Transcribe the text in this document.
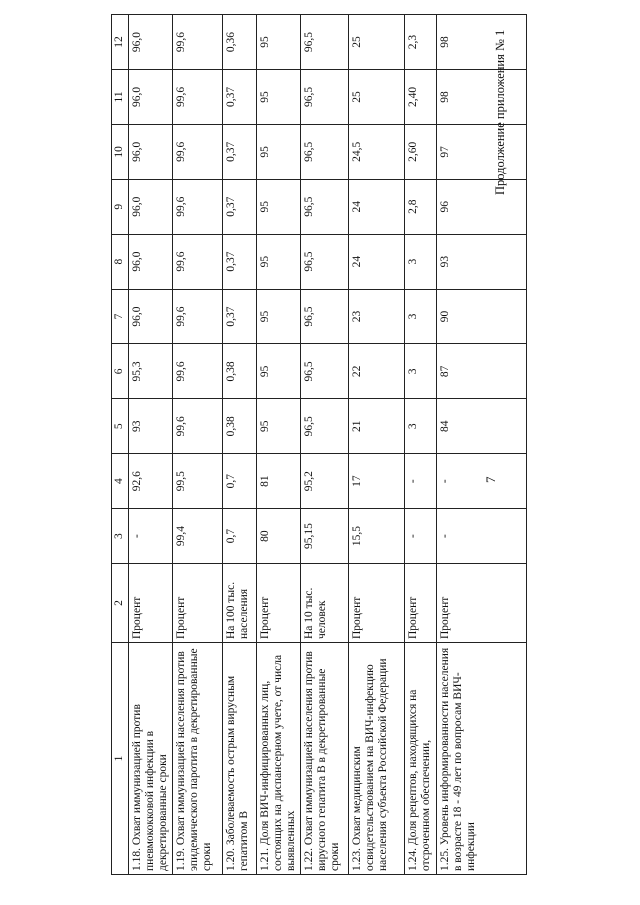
1	2	3	4	5	6	7	8	9	10	11	12
1.18. Охват иммунизацией против пневмококковой инфекции в декретированные сроки	Процент	-	92,6	93	95,3	96,0	96,0	96,0	96,0	96,0	96,0
1.19. Охват иммунизацией населения против эпидемического паротита в декретированные сроки	Процент	99,4	99,5	99,6	99,6	99,6	99,6	99,6	99,6	99,6	99,6
1.20. Заболеваемость острым вирусным гепатитом В	На 100 тыс. населения	0,7	0,7	0,38	0,38	0,37	0,37	0,37	0,37	0,37	0,36
1.21. Доля ВИЧ-инфицированных лиц, состоящих на диспансерном учете, от числа выявленных	Процент	80	81	95	95	95	95	95	95	95	95
1.22. Охват иммунизацией населения против вирусного гепатита В в декретированные сроки	На 10 тыс. человек	95,15	95,2	96,5	96,5	96,5	96,5	96,5	96,5	96,5	96,5
1.23. Охват медицинским освидетельствованием на ВИЧ-инфекцию населения субъекта Российской Федерации	Процент	15,5	17	21	22	23	24	24	24,5	25	25
1.24. Доля рецептов, находящихся на отсроченном обеспечении,	Процент	-	-	3	3	3	3	2,8	2,60	2,40	2,3
1.25. Уровень информированности населения в возрасте 18 - 49 лет по вопросам ВИЧ-инфекции	Процент	-	-	84	87	90	93	96	97	98	98
7
Продолжение приложения № 1
